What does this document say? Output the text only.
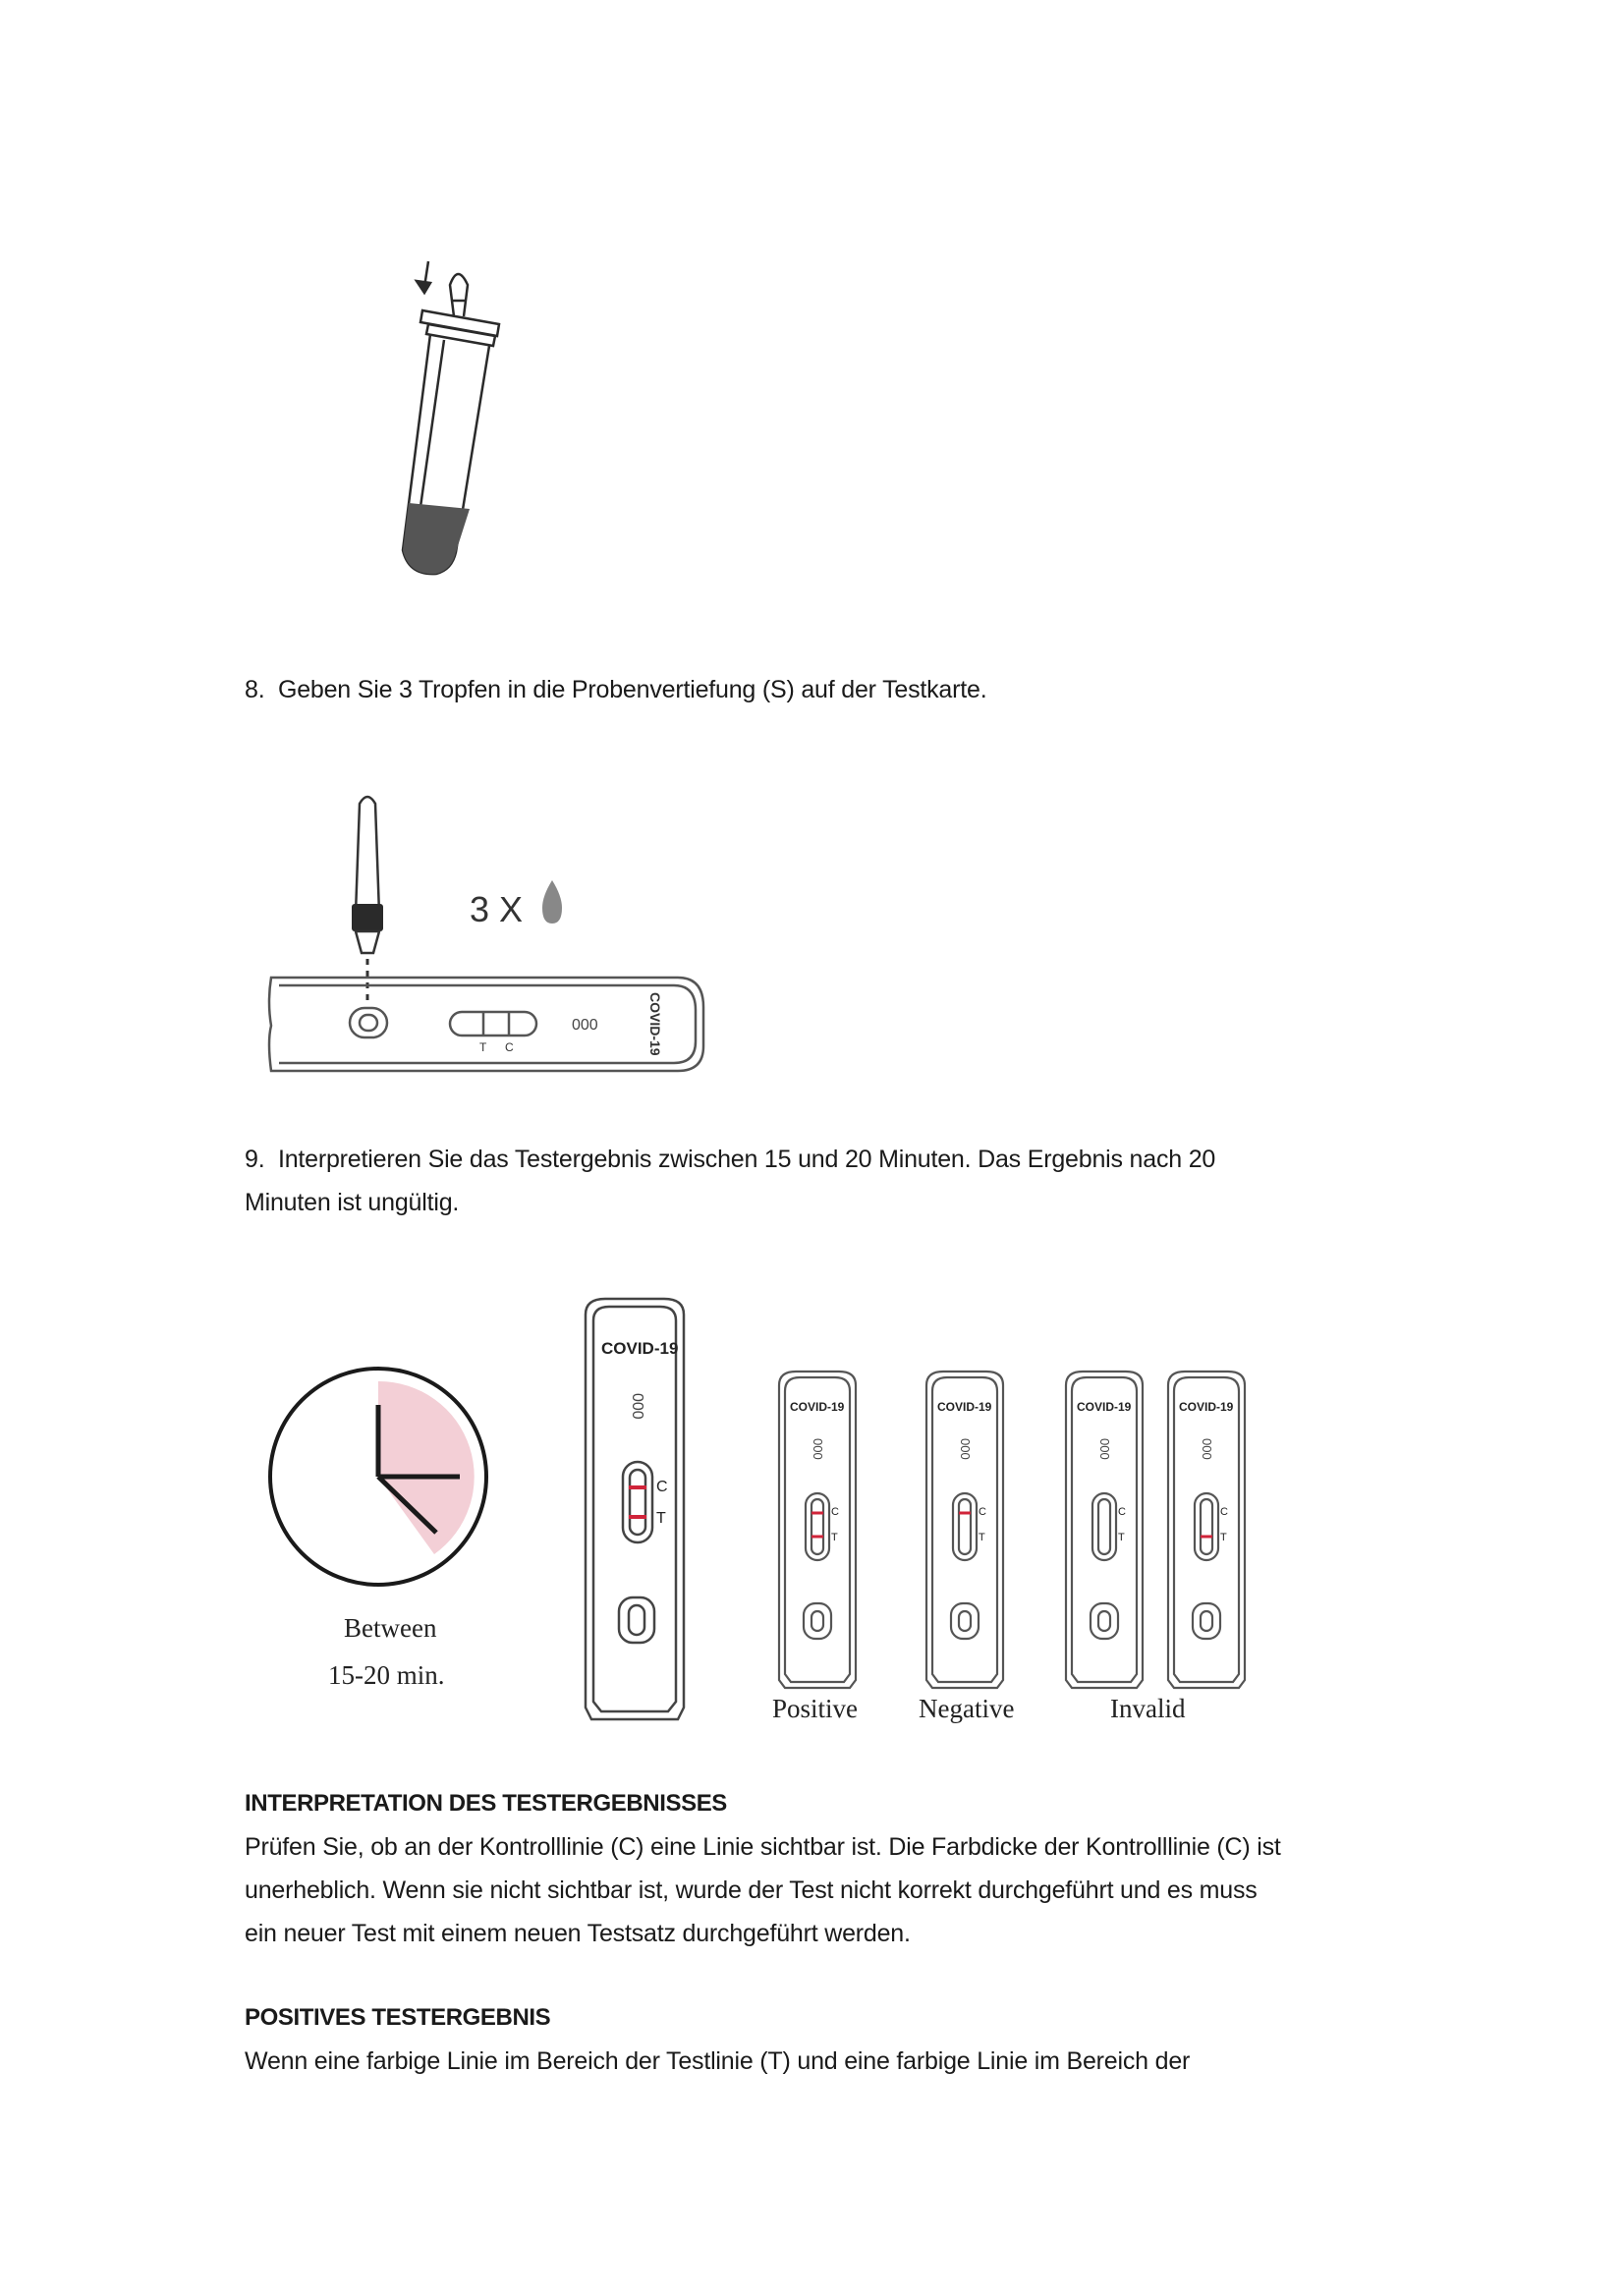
8. Geben Sie 3 Tropfen in die Probenvertiefung (S) auf der Testkarte.
3 X
T C
000	COVID-19
9. Interpretieren Sie das Testergebnis zwischen 15 und 20 Minuten. Das Ergebnis nach 20
Minuten ist ungültig.
Between
15-20 min.
COVID-19
000
C
T
COVID-19
000
C
T
COVID-19
000
C
T
COVID-19
000
C
T
COVID-19
000
C
T
Positive Negative	Invalid
INTERPRETATION DES TESTERGEBNISSES
Prüfen Sie, ob an der Kontrolllinie (C) eine Linie sichtbar ist. Die Farbdicke der Kontrolllinie (C) ist
unerheblich. Wenn sie nicht sichtbar ist, wurde der Test nicht korrekt durchgeführt und es muss
ein neuer Test mit einem neuen Testsatz durchgeführt werden.
POSITIVES TESTERGEBNIS
Wenn eine farbige Linie im Bereich der Testlinie (T) und eine farbige Linie im Bereich der
